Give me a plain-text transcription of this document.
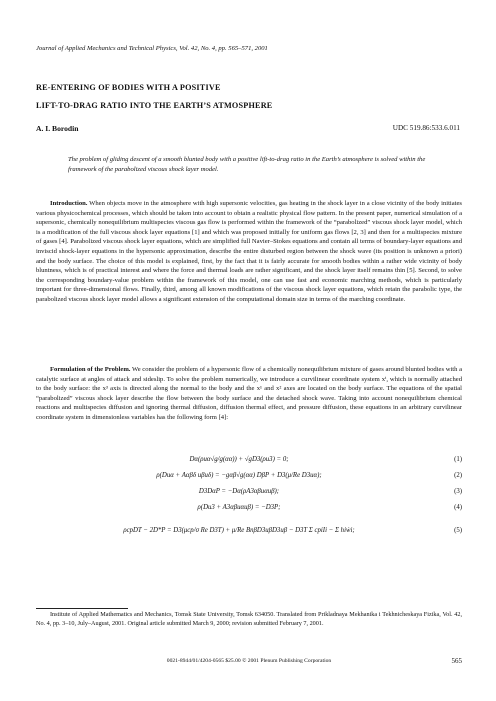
Journal of Applied Mechanics and Technical Physics, Vol. 42, No. 4, pp. 565–571, 2001
RE-ENTERING OF BODIES WITH A POSITIVE
LIFT-TO-DRAG RATIO INTO THE EARTH’S ATMOSPHERE
A. I. Borodin	UDC 519.86:533.6.011
The problem of gliding descent of a smooth blunted body with a positive lift-to-drag ratio in the Earth’s atmosphere is solved within the framework of the parabolized viscous shock layer model.
Introduction. When objects move in the atmosphere with high supersonic velocities, gas heating in the shock layer in a close vicinity of the body initiates various physicochemical processes, which should be taken into account to obtain a realistic physical flow pattern. In the present paper, numerical simulation of a supersonic, chemically nonequilibrium multispecies viscous gas flow is performed within the framework of the “parabolized” viscous shock layer model, which is a modification of the full viscous shock layer equations [1] and which was proposed initially for uniform gas flows [2, 3] and then for a multispecies mixture of gases [4]. Parabolized viscous shock layer equations, which are simplified full Navier–Stokes equations and contain all terms of boundary-layer equations and inviscid shock-layer equations in the hypersonic approximation, describe the entire disturbed region between the shock wave (its position is unknown a priori) and the body surface. The choice of this model is explained, first, by the fact that it is fairly accurate for smooth bodies within a rather wide vicinity of body bluntness, which is of practical interest and where the force and thermal loads are rather significant, and the shock layer itself remains thin [5]. Second, to solve the corresponding boundary-value problem within the framework of this model, one can use fast and economic marching methods, which is particularly important for three-dimensional flows. Finally, third, among all known modifications of the viscous shock layer equations, which retain the parabolic type, the parabolized viscous shock layer model allows a significant extension of the computational domain size in terms of the marching coordinate.
Formulation of the Problem. We consider the problem of a hypersonic flow of a chemically nonequilibrium mixture of gases around blunted bodies with a catalytic surface at angles of attack and sideslip. To solve the problem numerically, we introduce a curvilinear coordinate system xⁱ, which is normally attached to the body surface: the x³ axis is directed along the normal to the body and the x¹ and x² axes are located on the body surface. The equations of the spatial “parabolized” viscous shock layer describe the flow between the body surface and the detached shock wave. Taking into account nonequilibrium chemical reactions and multispecies diffusion and ignoring thermal diffusion, diffusion thermal effect, and pressure diffusion, these equations in an arbitrary curvilinear coordinate system in dimensionless variables has the following form [4]:
Dα(ρuα√g/g(αα)) + √gD3(ρu3) = 0;	(1)
ρ(Duα + Aαβδ uβuδ) = −gαβ√g(αα) DβP + D3(μ/Re D3uα);	(2)
D3DαP = −Dα(ρA3αβuαuβ);	(3)
ρ(Du3 + A3αβuαuβ) = −D3P;	(4)
ρcpDT − 2D*P = D3(μcp/σ Re D3T) + μ/Re BnβD3uβD3uβ − D3T Σ cpiIi − Σ hiẇi;	(5)
Institute of Applied Mathematics and Mechanics, Tomsk State University, Tomsk 634050. Translated from Prikladnaya Mekhanika i Tekhnicheskaya Fizika, Vol. 42, No. 4, pp. 3–10, July–August, 2001. Original article submitted March 9, 2000; revision submitted February 7, 2001.
0021-8944/01/4204-0565 $25.00 © 2001 Plenum Publishing Corporation	565
